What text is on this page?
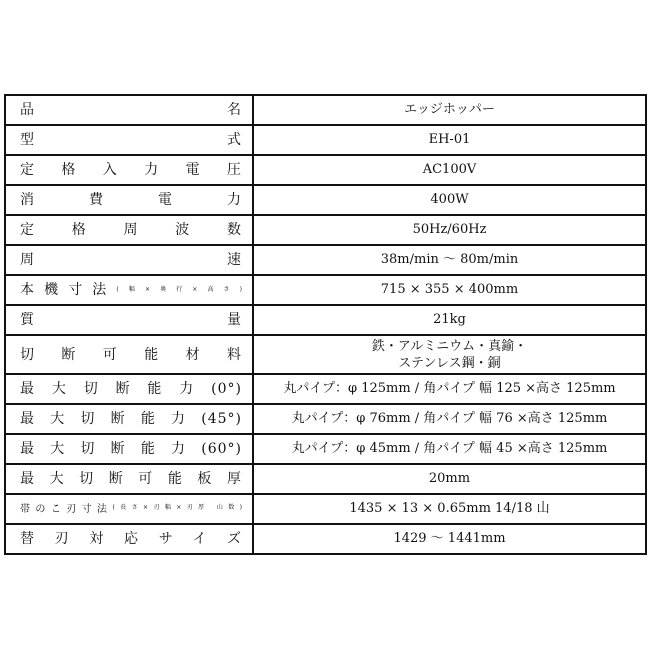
品名	エッジホッパー
型式	EH-01
定格入力電圧	AC100V
消費電力	400W
定格周波数	50Hz/60Hz
周速	38m/min 〜 80m/min
本機寸法(幅×奥行×高さ)	715 × 355 × 400mm
質量	21kg
切断可能材料	鉄・アルミニウム・真鍮・
ステンレス鋼・銅
最大切断能力(0°)	丸パイプ：φ 125mm / 角パイプ 幅 125 ×高さ 125mm
最大切断能力(45°)	丸パイプ：φ 76mm / 角パイプ 幅 76 ×高さ 125mm
最大切断能力(60°)	丸パイプ：φ 45mm / 角パイプ 幅 45 ×高さ 125mm
最大切断可能板厚	20mm
帯のこ刃寸法(長さ×刃幅×刃厚 山数)	1435 × 13 × 0.65mm 14/18 山
替刃対応サイズ	1429 〜 1441mm
